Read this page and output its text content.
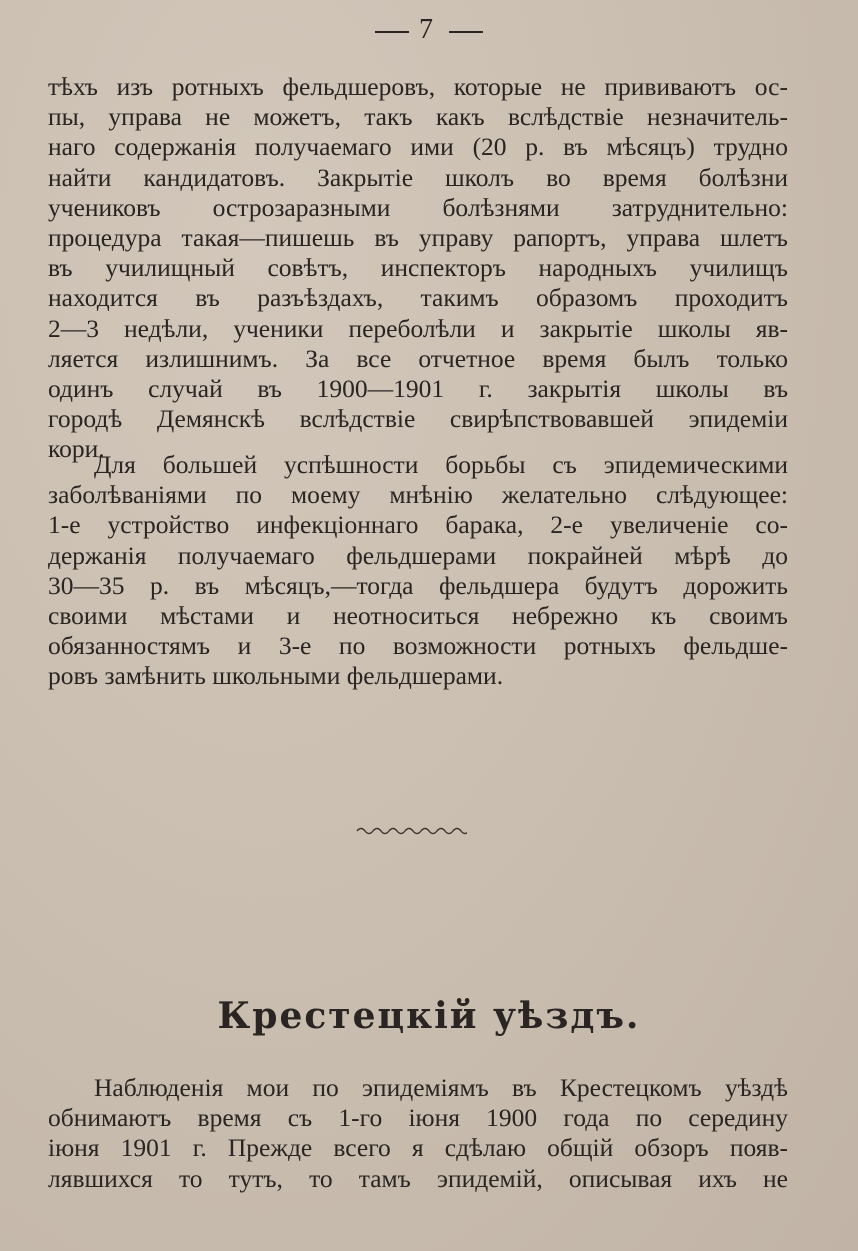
7
тѣхъ изъ ротныхъ фельдшеровъ, которые не прививаютъ ос-
пы, управа не можетъ, такъ какъ вслѣдствіе незначитель-
наго содержанія получаемаго ими (20 р. въ мѣсяцъ) трудно
найти кандидатовъ. Закрытіе школъ во время болѣзни
учениковъ острозаразными болѣзнями затруднительно:
процедура такая—пишешь въ управу рапортъ, управа шлетъ
въ училищный совѣтъ, инспекторъ народныхъ училищъ
находится въ разъѣздахъ, такимъ образомъ проходитъ
2—3 недѣли, ученики переболѣли и закрытіе школы яв-
ляется излишнимъ. За все отчетное время былъ только
одинъ случай въ 1900—1901 г. закрытія школы въ
городѣ Демянскѣ вслѣдствіе свирѣпствовавшей эпидеміи
кори.
Для большей успѣшности борьбы съ эпидемическими
заболѣваніями по моему мнѣнію желательно слѣдующее:
1-е устройство инфекціоннаго барака, 2-е увеличеніе со-
держанія получаемаго фельдшерами покрайней мѣрѣ до
30—35 р. въ мѣсяцъ,—тогда фельдшера будутъ дорожить
своими мѣстами и неотноситься небрежно къ своимъ
обязанностямъ и 3-е по возможности ротныхъ фельдше-
ровъ замѣнить школьными фельдшерами.
Крестецкій уѣздъ.
Наблюденія мои по эпидеміямъ въ Крестецкомъ уѣздѣ
обнимаютъ время съ 1-го іюня 1900 года по середину
іюня 1901 г. Прежде всего я сдѣлаю общій обзоръ появ-
лявшихся то тутъ, то тамъ эпидемій, описывая ихъ не
